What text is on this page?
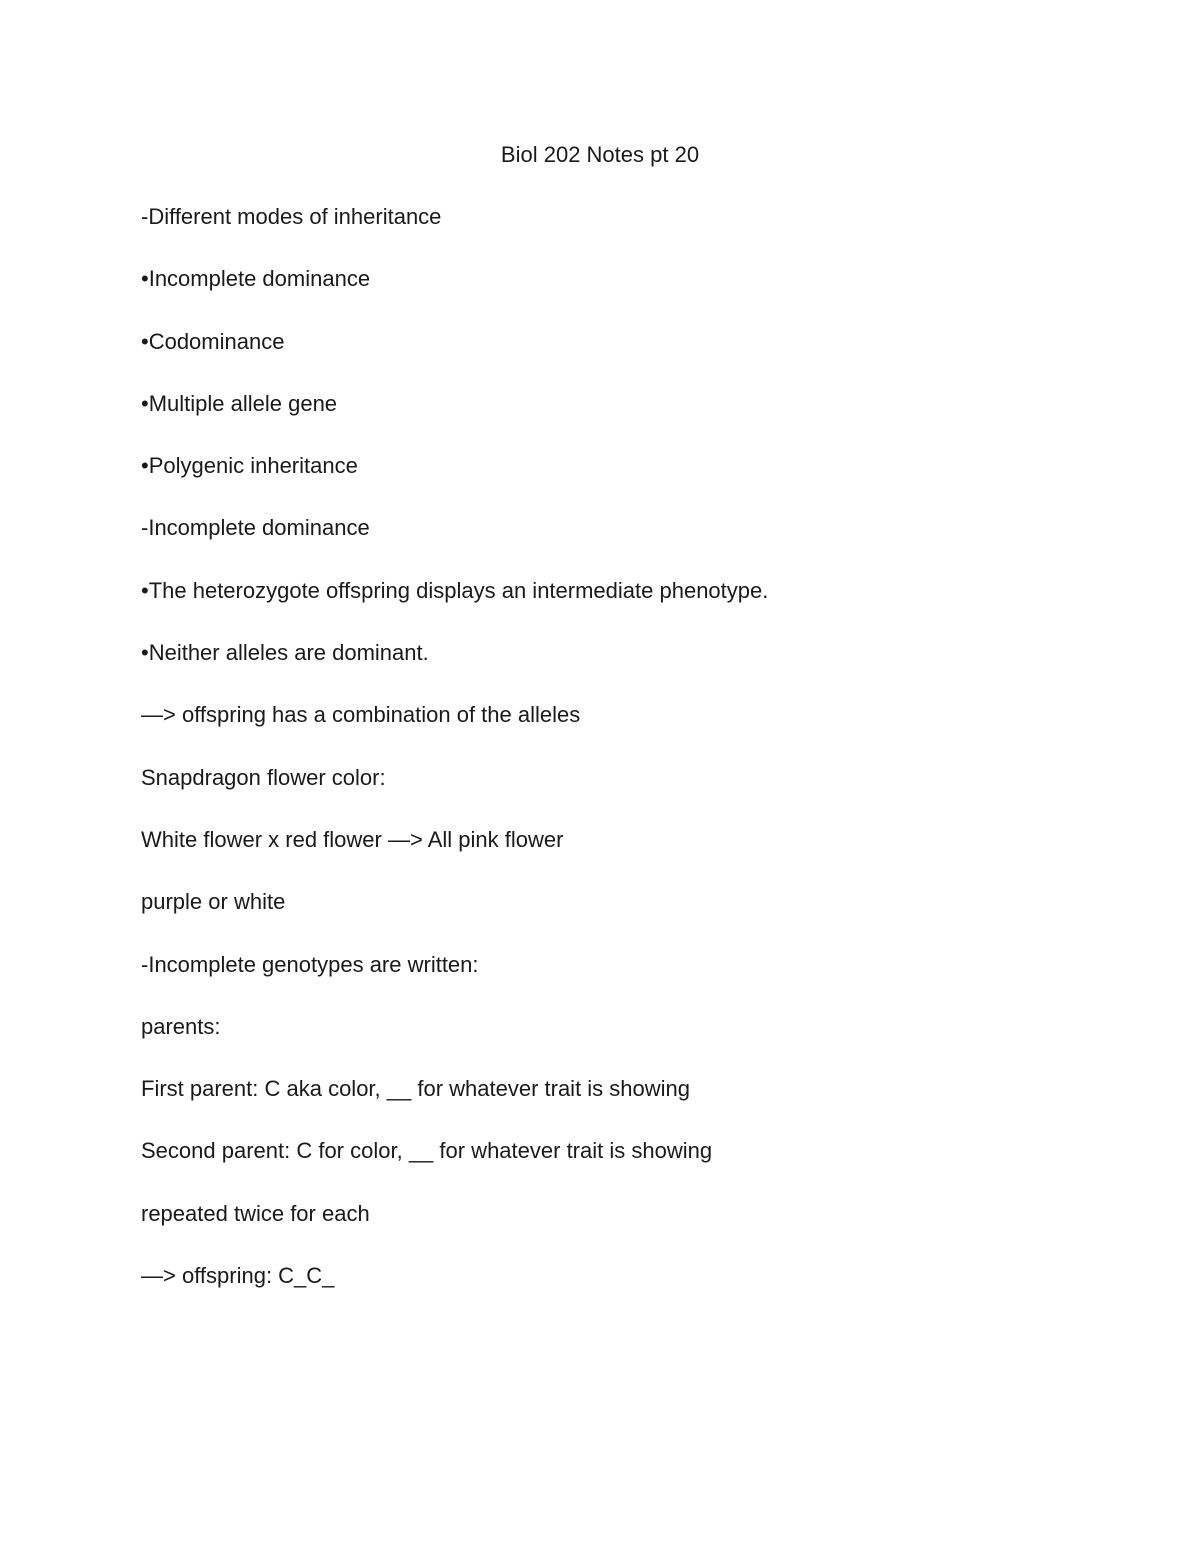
Biol 202 Notes pt 20
-Different modes of inheritance
•Incomplete dominance
•Codominance
•Multiple allele gene
•Polygenic inheritance
-Incomplete dominance
•The heterozygote offspring displays an intermediate phenotype.
•Neither alleles are dominant.
—> offspring has a combination of the alleles
Snapdragon flower color:
White flower x red flower —> All pink flower
purple or white
-Incomplete genotypes are written:
parents:
First parent: C aka color, __ for whatever trait is showing
Second parent: C for color, __ for whatever trait is showing
repeated twice for each
—> offspring: C_C_
